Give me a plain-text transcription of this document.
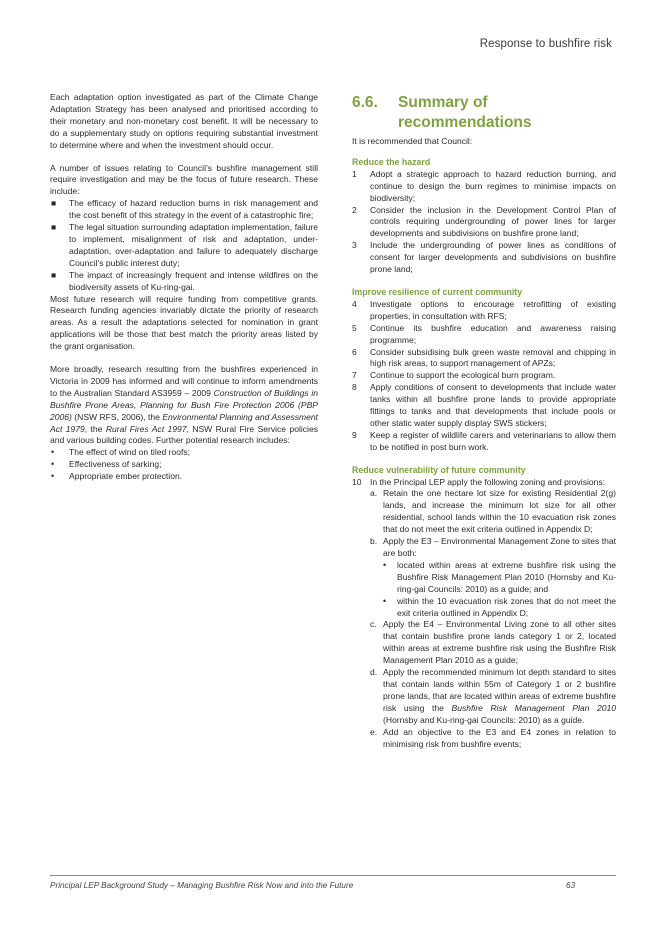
Response to bushfire risk

Each adaptation option investigated as part of the Climate Change Adaptation Strategy has been analysed and prioritised according to their monetary and non-monetary cost benefit. It will be necessary to do a supplementary study on options requiring substantial investment to determine where and when the investment should occur.

A number of issues relating to Council’s bushfire management still require investigation and may be the focus of future research. These include:

■ The efficacy of hazard reduction burns in risk management and the cost benefit of this strategy in the event of a catastrophic fire;
■ The legal situation surrounding adaptation implementation, failure to implement, misalignment of risk and adaptation, under-adaptation, over-adaptation and failure to adequately discharge Council’s public interest duty;
■ The impact of increasingly frequent and intense wildfires on the biodiversity assets of Ku-ring-gai.

Most future research will require funding from competitive grants. Research funding agencies invariably dictate the priority of research areas. As a result the adaptations selected for nomination in grant applications will be those that best match the priority areas listed by the grant organisation.

More broadly, research resulting from the bushfires experienced in Victoria in 2009 has informed and will continue to inform amendments to the Australian Standard AS3959 – 2009 Construction of Buildings in Bushfire Prone Areas, Planning for Bush Fire Protection 2006 (PBP 2006) (NSW RFS, 2006), the Environmental Planning and Assessment Act 1979, the Rural Fires Act 1997, NSW Rural Fire Service policies and various building codes. Further potential research includes:

• The effect of wind on tiled roofs;
• Effectiveness of sarking;
• Appropriate ember protection.
6.6.	Summary of recommendations

It is recommended that Council:

Reduce the hazard
1	Adopt a strategic approach to hazard reduction burning, and continue to design the burn regimes to minimise impacts on biodiversity;
2	Consider the inclusion in the Development Control Plan of controls requiring undergrounding of power lines for larger developments and subdivisions on bushfire prone land;
3	Include the undergrounding of power lines as conditions of consent for larger developments and subdivisions on bushfire prone land;
Improve resilience of current community
4	Investigate options to encourage retrofitting of existing properties, in consultation with RFS;
5	Continue its bushfire education and awareness raising programme;
6	Consider subsidising bulk green waste removal and chipping in high risk areas, to support management of APZs;
7	Continue to support the ecological burn program.
8	Apply conditions of consent to developments that include water tanks within all bushfire prone lands to provide appropriate fittings to tanks and that developments that include pools or other static water supply display SWS stickers;
9	Keep a register of wildlife carers and veterinarians to allow them to be notified in post burn work.
Reduce vulnerability of future community
10 In the Principal LEP apply the following zoning and provisions:
a. Retain the one hectare lot size for existing Residential 2(g) lands, and increase the minimum lot size for all other residential, school lands within the 10 evacuation risk zones that do not meet the exit criteria outlined in Appendix D;
b. Apply the E3 – Environmental Management Zone to sites that are both:
•	located within areas at extreme bushfire risk using the Bushfire Risk Management Plan 2010 (Hornsby and Ku-ring-gai Councils: 2010) as a guide; and
•	within the 10 evacuation risk zones that do not meet the exit criteria outlined in Appendix D;
c. Apply the E4 – Environmental Living zone to all other sites that contain bushfire prone lands category 1 or 2, located within areas at extreme bushfire risk using the Bushfire Risk Management Plan 2010 as a guide;
d. Apply the recommended minimum lot depth standard to sites that contain lands within 55m of Category 1 or 2 bushfire prone lands, that are located within areas of extreme bushfire risk using the Bushfire Risk Management Plan 2010 (Hornsby and Ku-ring-gai Councils: 2010) as a guide.
e. Add an objective to the E3 and E4 zones in relation to minimising risk from bushfire events;
Principal LEP Background Study – Managing Bushfire Risk Now and into the Future	63
